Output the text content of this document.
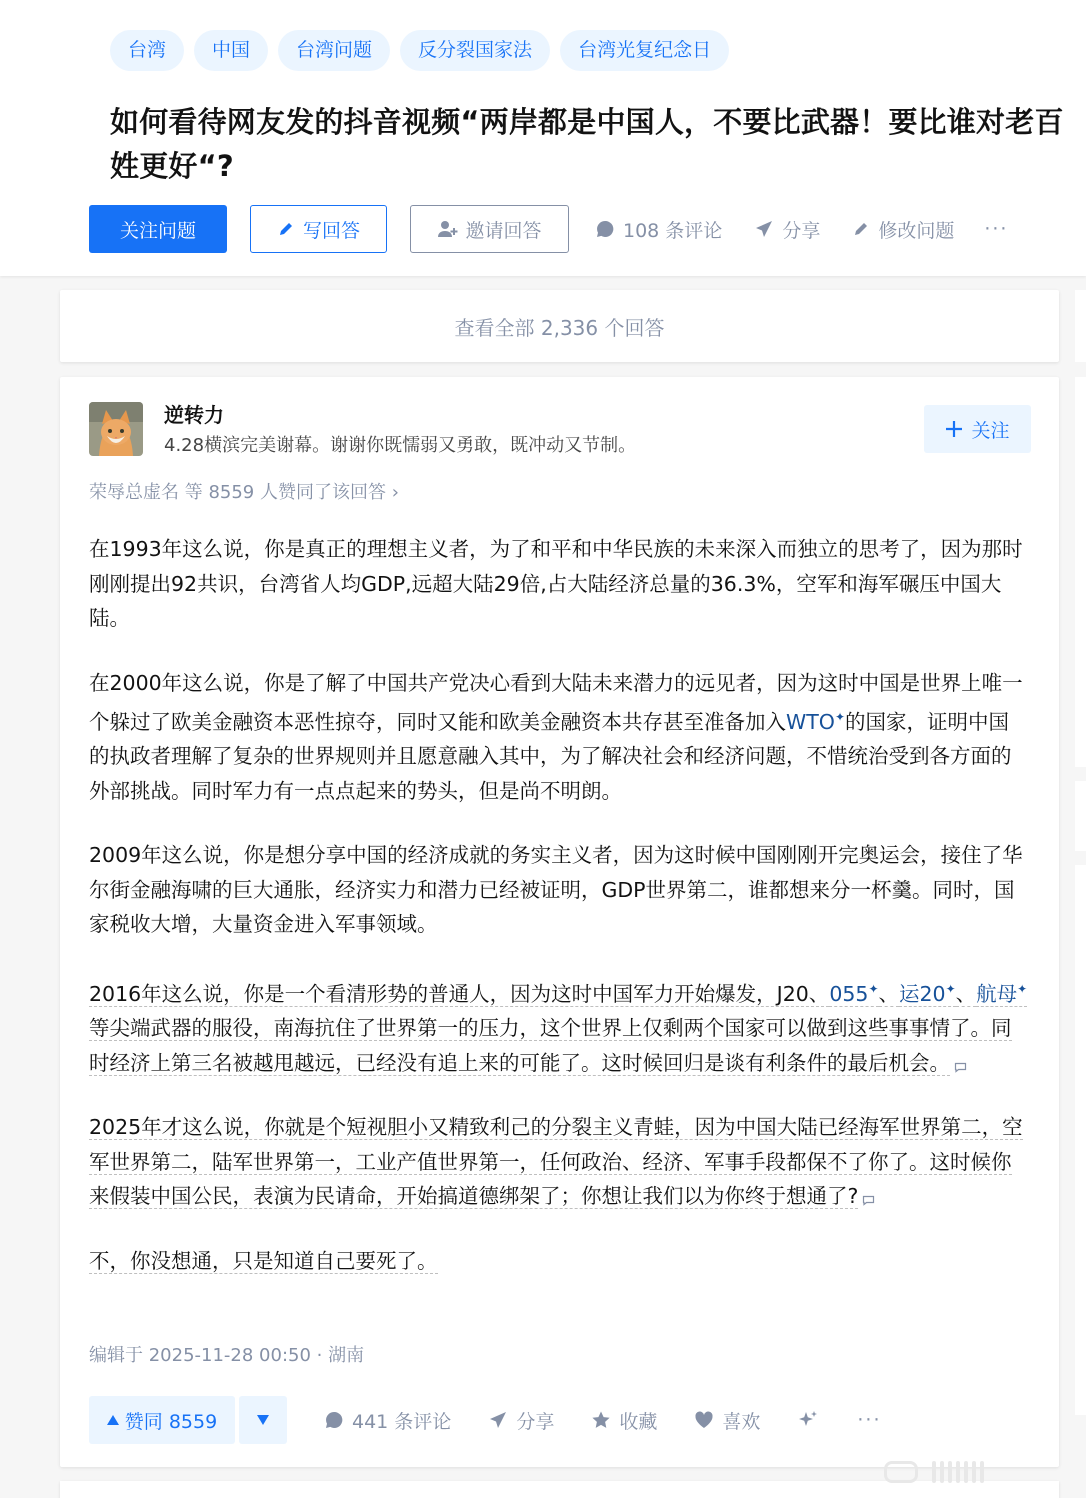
台湾	中国	台湾问题	反分裂国家法	台湾光复纪念日
如何看待网友发的抖音视频“两岸都是中国人，不要比武器！要比谁对老百姓更好“?
关注问题	写回答	邀请回答	108 条评论	分享	修改问题 ···
查看全部 2,336 个回答
逆转力
4.28横滨完美谢幕。谢谢你既懦弱又勇敢，既冲动又节制。
关注
荣辱总虚名 等 8559 人赞同了该回答 ›

在1993年这么说，你是真正的理想主义者，为了和平和中华民族的未来深入而独立的思考了，因为那时刚刚提出92共识，台湾省人均GDP,远超大陆29倍,占大陆经济总量的36.3%，空军和海军碾压中国大陆。

在2000年这么说，你是了解了中国共产党决心看到大陆未来潜力的远见者，因为这时中国是世界上唯一个躲过了欧美金融资本恶性掠夺，同时又能和欧美金融资本共存甚至准备加入WTO✦的国家，证明中国的执政者理解了复杂的世界规则并且愿意融入其中，为了解决社会和经济问题，不惜统治受到各方面的外部挑战。同时军力有一点点起来的势头，但是尚不明朗。

2009年这么说，你是想分享中国的经济成就的务实主义者，因为这时候中国刚刚开完奥运会，接住了华尔街金融海啸的巨大通胀，经济实力和潜力已经被证明，GDP世界第二，谁都想来分一杯羹。同时，国家税收大增，大量资金进入军事领域。

2016年这么说，你是一个看清形势的普通人，因为这时中国军力开始爆发，J20、055✦、运20✦、航母✦等尖端武器的服役，南海抗住了世界第一的压力，这个世界上仅剩两个国家可以做到这些事事情了。同时经济上第三名被越甩越远，已经没有追上来的可能了。这时候回归是谈有利条件的最后机会。

2025年才这么说，你就是个短视胆小又精致利己的分裂主义青蛙，因为中国大陆已经海军世界第二，空军世界第二，陆军世界第一，工业产值世界第一，任何政治、经济、军事手段都保不了你了。这时候你来假装中国公民，表演为民请命，开始搞道德绑架了；你想让我们以为你终于想通了?

不，你没想通，只是知道自己要死了。

编辑于 2025-11-28 00:50 · 湖南
赞同 8559	441 条评论	分享	收藏	喜欢	···
